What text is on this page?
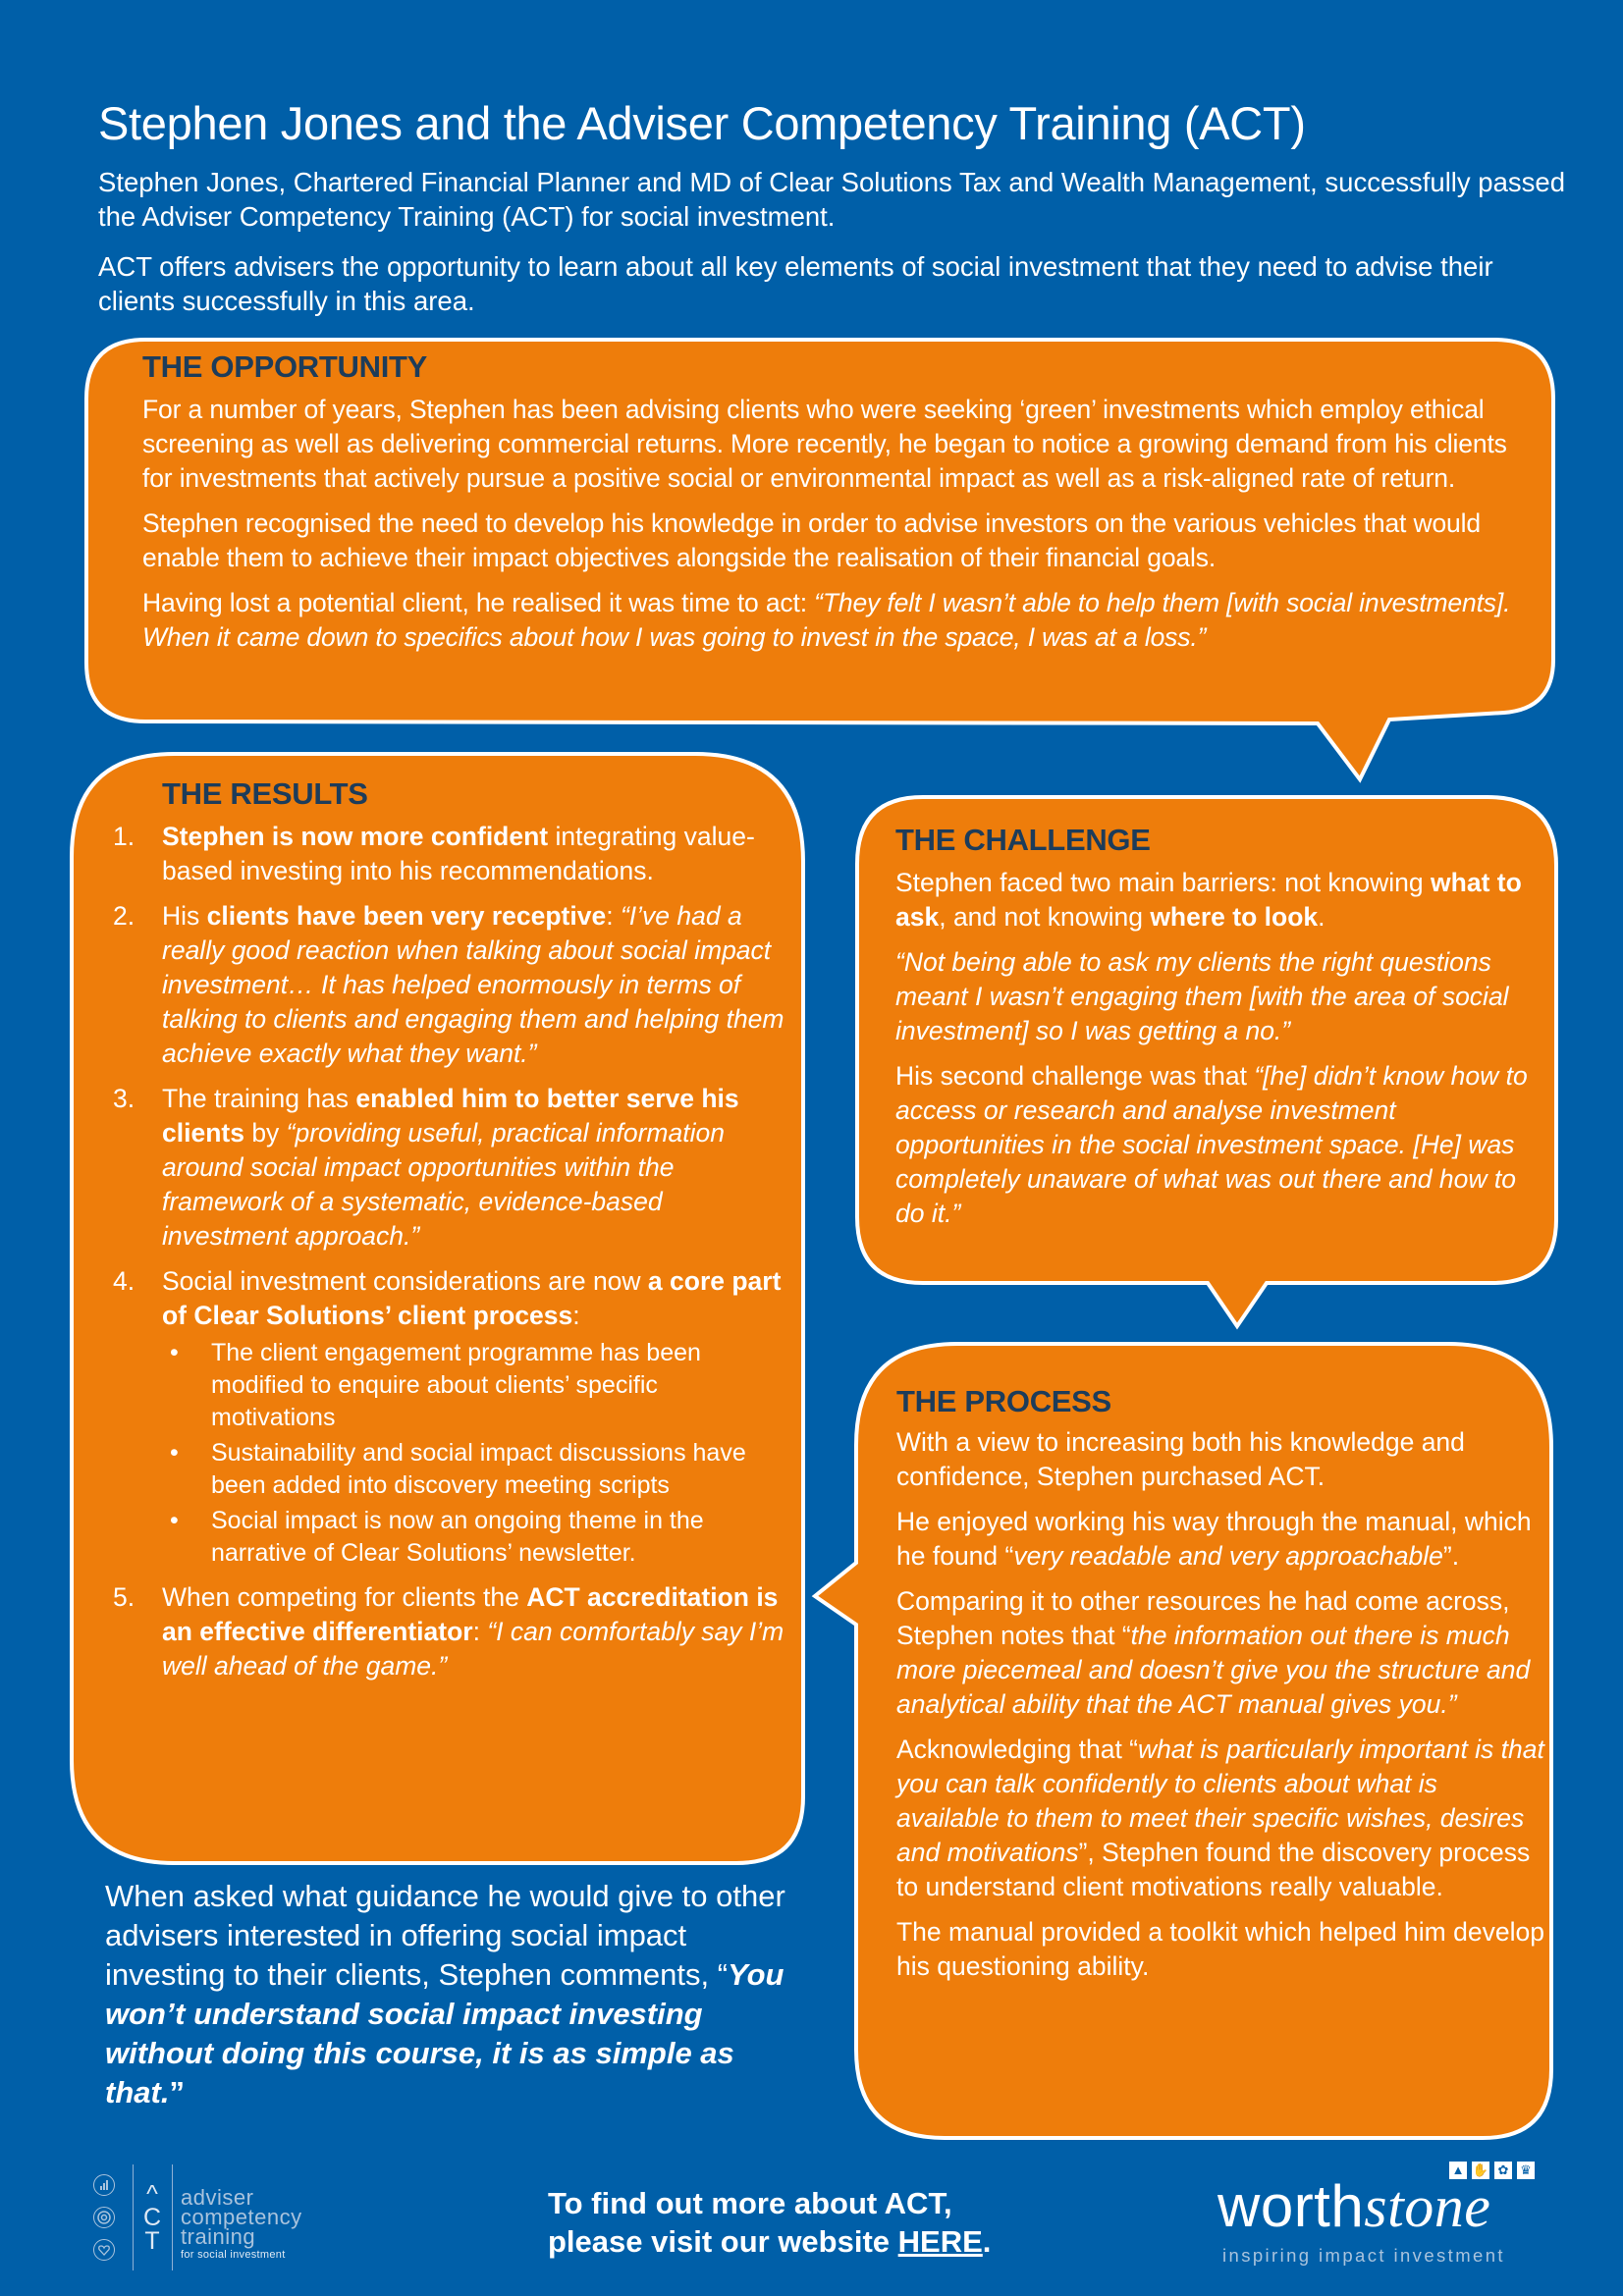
Stephen Jones and the Adviser Competency Training (ACT)

Stephen Jones, Chartered Financial Planner and MD of Clear Solutions Tax and Wealth Management, successfully passed the Adviser Competency Training (ACT) for social investment.

ACT offers advisers the opportunity to learn about all key elements of social investment that they need to advise their clients successfully in this area.

THE OPPORTUNITY

For a number of years, Stephen has been advising clients who were seeking ‘green’ investments which employ ethical screening as well as delivering commercial returns. More recently, he began to notice a growing demand from his clients for investments that actively pursue a positive social or environmental impact as well as a risk-aligned rate of return.

Stephen recognised the need to develop his knowledge in order to advise investors on the various vehicles that would enable them to achieve their impact objectives alongside the realisation of their financial goals.

Having lost a potential client, he realised it was time to act: “They felt I wasn’t able to help them [with social investments]. When it came down to specifics about how I was going to invest in the space, I was at a loss.”

THE RESULTS
1. Stephen is now more confident integrating value-based investing into his recommendations.
2. His clients have been very receptive: “I’ve had a really good reaction when talking about social impact investment… It has helped enormously in terms of talking to clients and engaging them and helping them achieve exactly what they want.”
3. The training has enabled him to better serve his clients by “providing useful, practical information around social impact opportunities within the framework of a systematic, evidence-based investment approach.”
4. Social investment considerations are now a core part of Clear Solutions’ client process:
• The client engagement programme has been modified to enquire about clients’ specific motivations
• Sustainability and social impact discussions have been added into discovery meeting scripts
• Social impact is now an ongoing theme in the narrative of Clear Solutions’ newsletter.
5. When competing for clients the ACT accreditation is an effective differentiator: “I can comfortably say I’m well ahead of the game.”
THE CHALLENGE

Stephen faced two main barriers: not knowing what to ask, and not knowing where to look.

“Not being able to ask my clients the right questions meant I wasn’t engaging them [with the area of social investment] so I was getting a no.”

His second challenge was that “[he] didn’t know how to access or research and analyse investment opportunities in the social investment space. [He] was completely unaware of what was out there and how to do it.”

THE PROCESS

With a view to increasing both his knowledge and confidence, Stephen purchased ACT.

He enjoyed working his way through the manual, which he found “very readable and very approachable”.

Comparing it to other resources he had come across, Stephen notes that “the information out there is much more piecemeal and doesn’t give you the structure and analytical ability that the ACT manual gives you.”

Acknowledging that “what is particularly important is that you can talk confidently to clients about what is available to them to meet their specific wishes, desires and motivations”, Stephen found the discovery process to understand client motivations really valuable.

The manual provided a toolkit which helped him develop his questioning ability.

When asked what guidance he would give to other advisers interested in offering social impact investing to their clients, Stephen comments, “You won’t understand social impact investing without doing this course, it is as simple as that.”

^
C
T
adviser
competency
training
for social investment
To find out more about ACT,
please visit our website HERE.
▲ ✋ ✿ ♛
worthstone
inspiring impact investment
